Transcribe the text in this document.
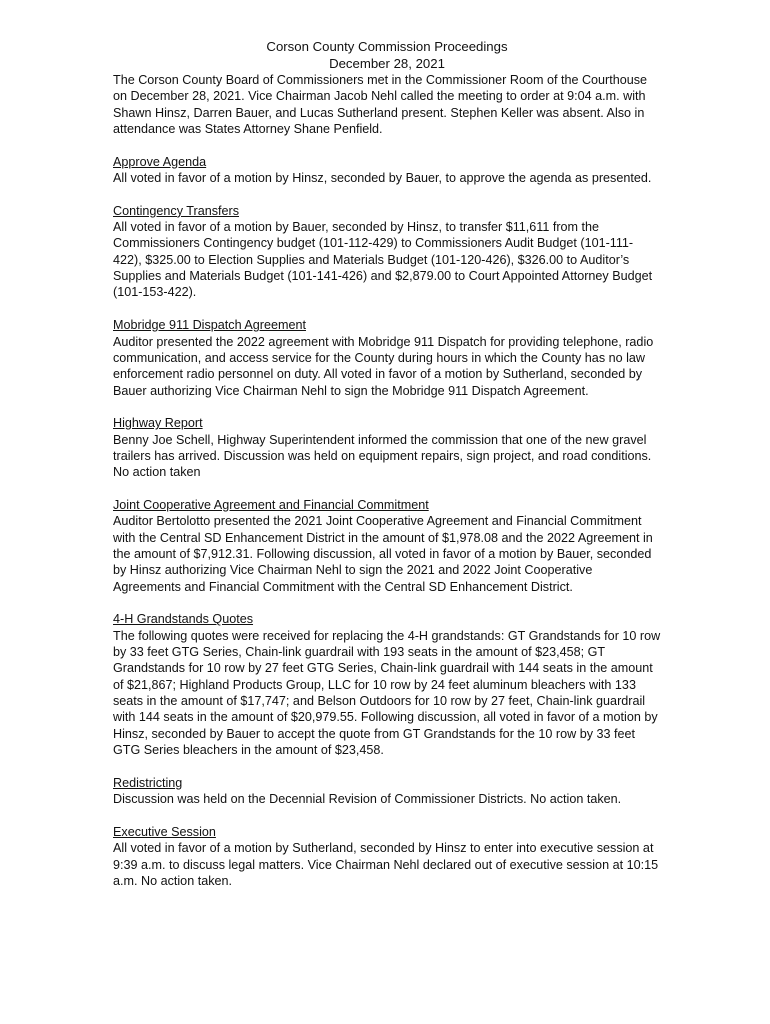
Corson County Commission Proceedings
December 28, 2021

The Corson County Board of Commissioners met in the Commissioner Room of the Courthouse on December 28, 2021. Vice Chairman Jacob Nehl called the meeting to order at 9:04 a.m. with Shawn Hinsz, Darren Bauer, and Lucas Sutherland present. Stephen Keller was absent. Also in attendance was States Attorney Shane Penfield.

Approve Agenda
All voted in favor of a motion by Hinsz, seconded by Bauer, to approve the agenda as presented.
Contingency Transfers
All voted in favor of a motion by Bauer, seconded by Hinsz, to transfer $11,611 from the Commissioners Contingency budget (101-112-429) to Commissioners Audit Budget (101-111-422), $325.00 to Election Supplies and Materials Budget (101-120-426), $326.00 to Auditor’s Supplies and Materials Budget (101-141-426) and $2,879.00 to Court Appointed Attorney Budget (101-153-422).
Mobridge 911 Dispatch Agreement
Auditor presented the 2022 agreement with Mobridge 911 Dispatch for providing telephone, radio communication, and access service for the County during hours in which the County has no law enforcement radio personnel on duty. All voted in favor of a motion by Sutherland, seconded by Bauer authorizing Vice Chairman Nehl to sign the Mobridge 911 Dispatch Agreement.
Highway Report
Benny Joe Schell, Highway Superintendent informed the commission that one of the new gravel trailers has arrived. Discussion was held on equipment repairs, sign project, and road conditions. No action taken
Joint Cooperative Agreement and Financial Commitment
Auditor Bertolotto presented the 2021 Joint Cooperative Agreement and Financial Commitment with the Central SD Enhancement District in the amount of $1,978.08 and the 2022 Agreement in the amount of $7,912.31. Following discussion, all voted in favor of a motion by Bauer, seconded by Hinsz authorizing Vice Chairman Nehl to sign the 2021 and 2022 Joint Cooperative Agreements and Financial Commitment with the Central SD Enhancement District.
4-H Grandstands Quotes
The following quotes were received for replacing the 4-H grandstands: GT Grandstands for 10 row by 33 feet GTG Series, Chain-link guardrail with 193 seats in the amount of $23,458; GT Grandstands for 10 row by 27 feet GTG Series, Chain-link guardrail with 144 seats in the amount of $21,867; Highland Products Group, LLC for 10 row by 24 feet aluminum bleachers with 133 seats in the amount of $17,747; and Belson Outdoors for 10 row by 27 feet, Chain-link guardrail with 144 seats in the amount of $20,979.55. Following discussion, all voted in favor of a motion by Hinsz, seconded by Bauer to accept the quote from GT Grandstands for the 10 row by 33 feet GTG Series bleachers in the amount of $23,458.
Redistricting
Discussion was held on the Decennial Revision of Commissioner Districts. No action taken.
Executive Session
All voted in favor of a motion by Sutherland, seconded by Hinsz to enter into executive session at 9:39 a.m. to discuss legal matters. Vice Chairman Nehl declared out of executive session at 10:15 a.m. No action taken.
